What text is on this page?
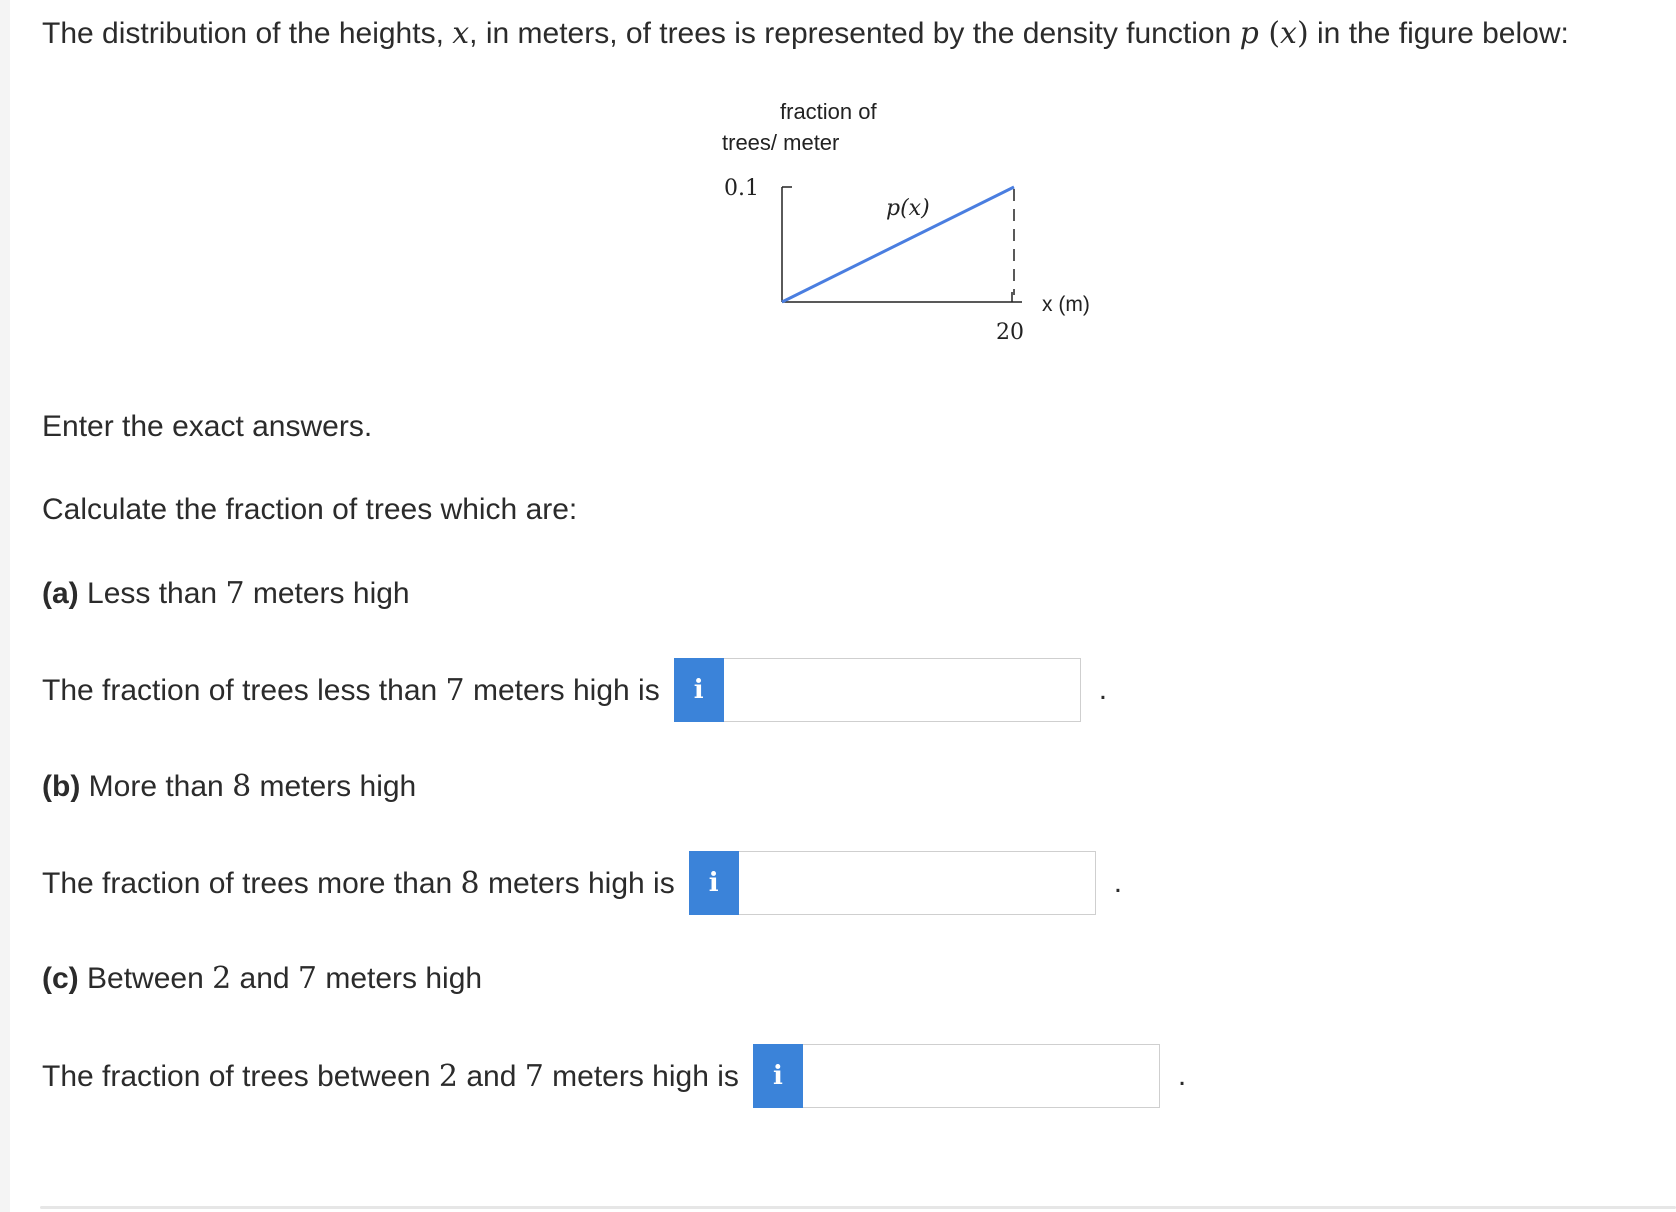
The distribution of the heights, x, in meters, of trees is represented by the density function p (x) in the figure below:
fraction of
trees/ meter
0.1
p(x)
20
x (m)
Enter the exact answers.
Calculate the fraction of trees which are:
(a) Less than 7 meters high
The fraction of trees less than 7 meters high is	i	.
(b) More than 8 meters high
The fraction of trees more than 8 meters high is	i	.
(c) Between 2 and 7 meters high
The fraction of trees between 2 and 7 meters high is	i	.
